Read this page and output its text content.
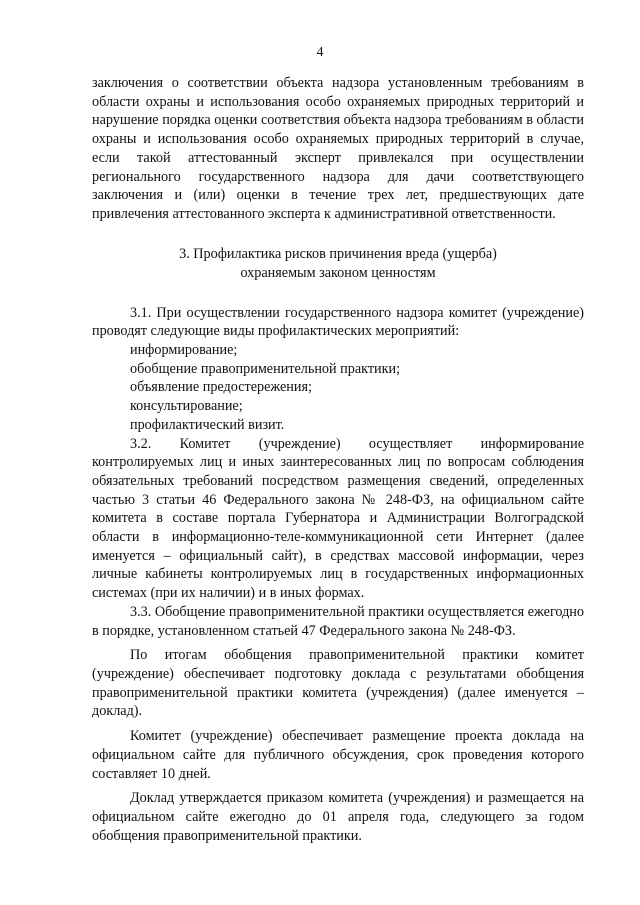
4

заключения о соответствии объекта надзора установленным требованиям в области охраны и использования особо охраняемых природных территорий и нарушение порядка оценки соответствия объекта надзора требованиям в области охраны и использования особо охраняемых природных территорий в случае, если такой аттестованный эксперт привлекался при осуществлении регионального государственного надзора для дачи соответствующего заключения и (или) оценки в течение трех лет, предшествующих дате привлечения аттестованного эксперта к административной ответственности.

3. Профилактика рисков причинения вреда (ущерба)
охраняемым законом ценностям

3.1. При осуществлении государственного надзора комитет (учреждение) проводят следующие виды профилактических мероприятий:

информирование;

обобщение правоприменительной практики;

объявление предостережения;

консультирование;

профилактический визит.

3.2. Комитет (учреждение) осуществляет информирование контролируемых лиц и иных заинтересованных лиц по вопросам соблюдения обязательных требований посредством размещения сведений, определенных частью 3 статьи 46 Федерального закона № 248-ФЗ, на официальном сайте комитета в составе портала Губернатора и Администрации Волгоградской области в информационно-теле-коммуникационной сети Интернет (далее именуется – официальный сайт), в средствах массовой информации, через личные кабинеты контролируемых лиц в государственных информационных системах (при их наличии) и в иных формах.

3.3. Обобщение правоприменительной практики осуществляется ежегодно в порядке, установленном статьей 47 Федерального закона № 248-ФЗ.

По итогам обобщения правоприменительной практики комитет (учреждение) обеспечивает подготовку доклада с результатами обобщения правоприменительной практики комитета (учреждения) (далее именуется – доклад).

Комитет (учреждение) обеспечивает размещение проекта доклада на официальном сайте для публичного обсуждения, срок проведения которого составляет 10 дней.

Доклад утверждается приказом комитета (учреждения) и размещается на официальном сайте ежегодно до 01 апреля года, следующего за годом обобщения правоприменительной практики.
